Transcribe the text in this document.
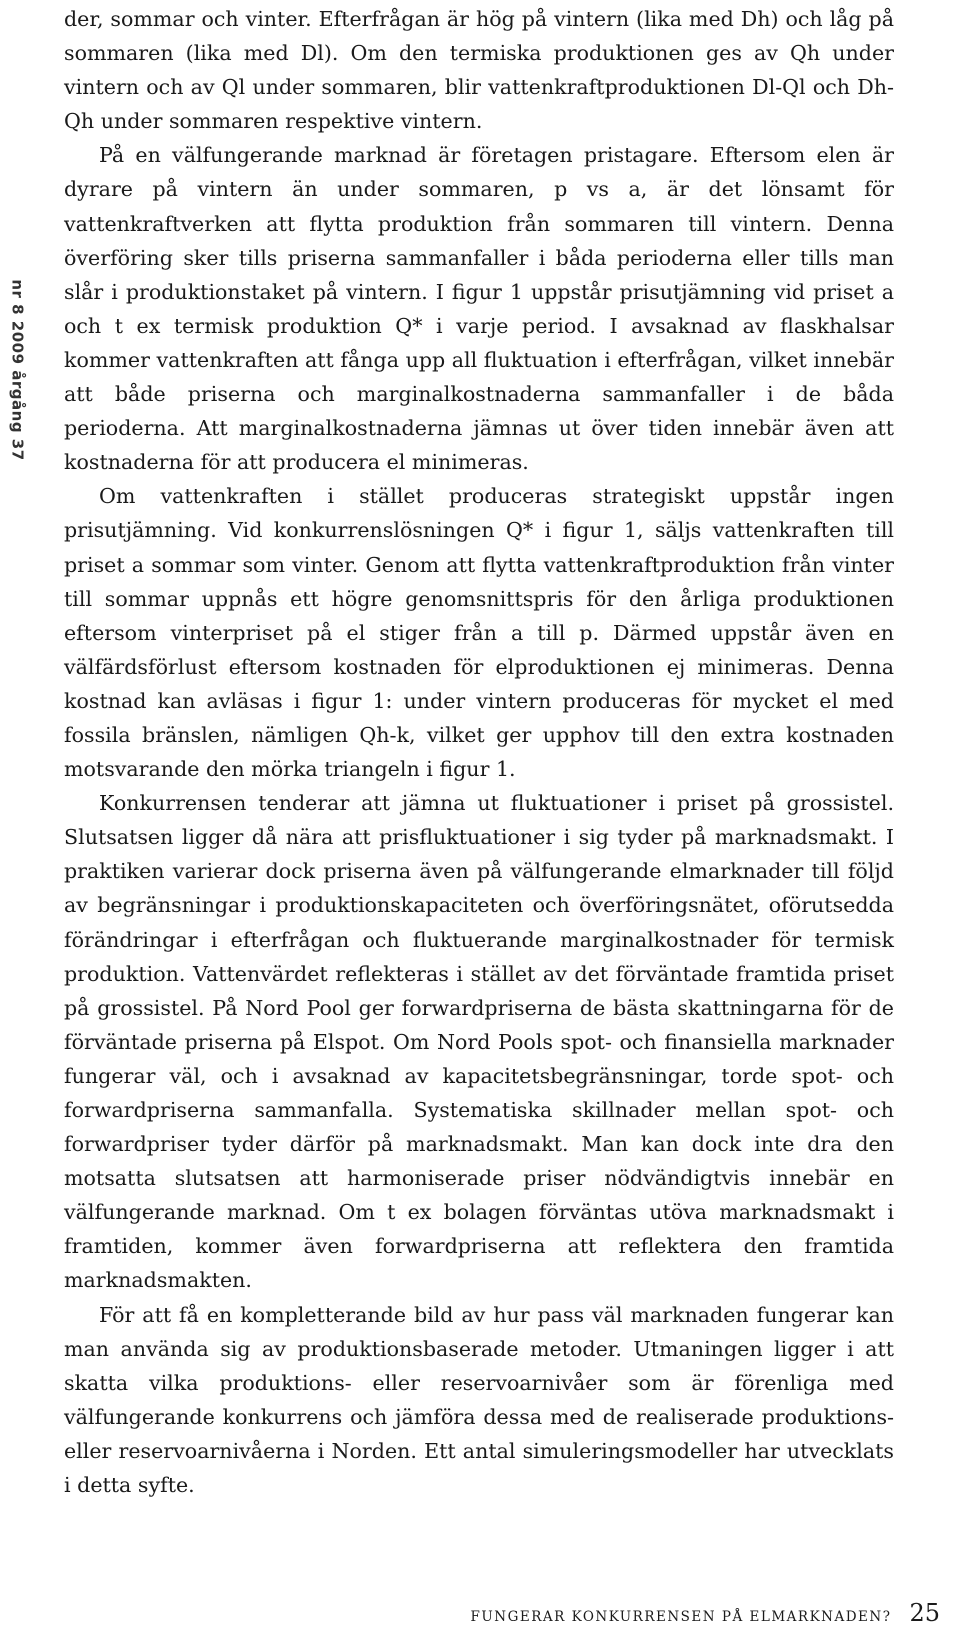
nr 8 2009 årgång 37

der, sommar och vinter. Efterfrågan är hög på vintern (lika med Dh) och låg på sommaren (lika med Dl). Om den termiska produktionen ges av Qh under vintern och av Ql under sommaren, blir vattenkraftproduktionen Dl-Ql och Dh-Qh under sommaren respektive vintern.

På en välfungerande marknad är företagen pristagare. Eftersom elen är dyrare på vintern än under sommaren, p vs a, är det lönsamt för vattenkraftverken att flytta produktion från sommaren till vintern. Denna överföring sker tills priserna sammanfaller i båda perioderna eller tills man slår i produktionstaket på vintern. I figur 1 uppstår prisutjämning vid priset a och t ex termisk produktion Q* i varje period. I avsaknad av flaskhalsar kommer vattenkraften att fånga upp all fluktuation i efterfrågan, vilket innebär att både priserna och marginalkostnaderna sammanfaller i de båda perioderna. Att marginalkostnaderna jämnas ut över tiden innebär även att kostnaderna för att producera el minimeras.

Om vattenkraften i stället produceras strategiskt uppstår ingen prisutjämning. Vid konkurrenslösningen Q* i figur 1, säljs vattenkraften till priset a sommar som vinter. Genom att flytta vattenkraftproduktion från vinter till sommar uppnås ett högre genomsnittspris för den årliga produktionen eftersom vinterpriset på el stiger från a till p. Därmed uppstår även en välfärdsförlust eftersom kostnaden för elproduktionen ej minimeras. Denna kostnad kan avläsas i figur 1: under vintern produceras för mycket el med fossila bränslen, nämligen Qh-k, vilket ger upphov till den extra kostnaden motsvarande den mörka triangeln i figur 1.

Konkurrensen tenderar att jämna ut fluktuationer i priset på grossistel. Slutsatsen ligger då nära att prisfluktuationer i sig tyder på marknadsmakt. I praktiken varierar dock priserna även på välfungerande elmarknader till följd av begränsningar i produktionskapaciteten och överföringsnätet, oförutsedda förändringar i efterfrågan och fluktuerande marginalkostnader för termisk produktion. Vattenvärdet reflekteras i stället av det förväntade framtida priset på grossistel. På Nord Pool ger forwardpriserna de bästa skattningarna för de förväntade priserna på Elspot. Om Nord Pools spot- och finansiella marknader fungerar väl, och i avsaknad av kapacitetsbegränsningar, torde spot- och forwardpriserna sammanfalla. Systematiska skillnader mellan spot- och forwardpriser tyder därför på marknadsmakt. Man kan dock inte dra den motsatta slutsatsen att harmoniserade priser nödvändigtvis innebär en välfungerande marknad. Om t ex bolagen förväntas utöva marknadsmakt i framtiden, kommer även forwardpriserna att reflektera den framtida marknadsmakten.

För att få en kompletterande bild av hur pass väl marknaden fungerar kan man använda sig av produktionsbaserade metoder. Utmaningen ligger i att skatta vilka produktions- eller reservoarnivåer som är förenliga med välfungerande konkurrens och jämföra dessa med de realiserade produktions- eller reservoarnivåerna i Norden. Ett antal simuleringsmodeller har utvecklats i detta syfte.

FUNGERAR KONKURRENSEN PÅ ELMARKNADEN? 25
